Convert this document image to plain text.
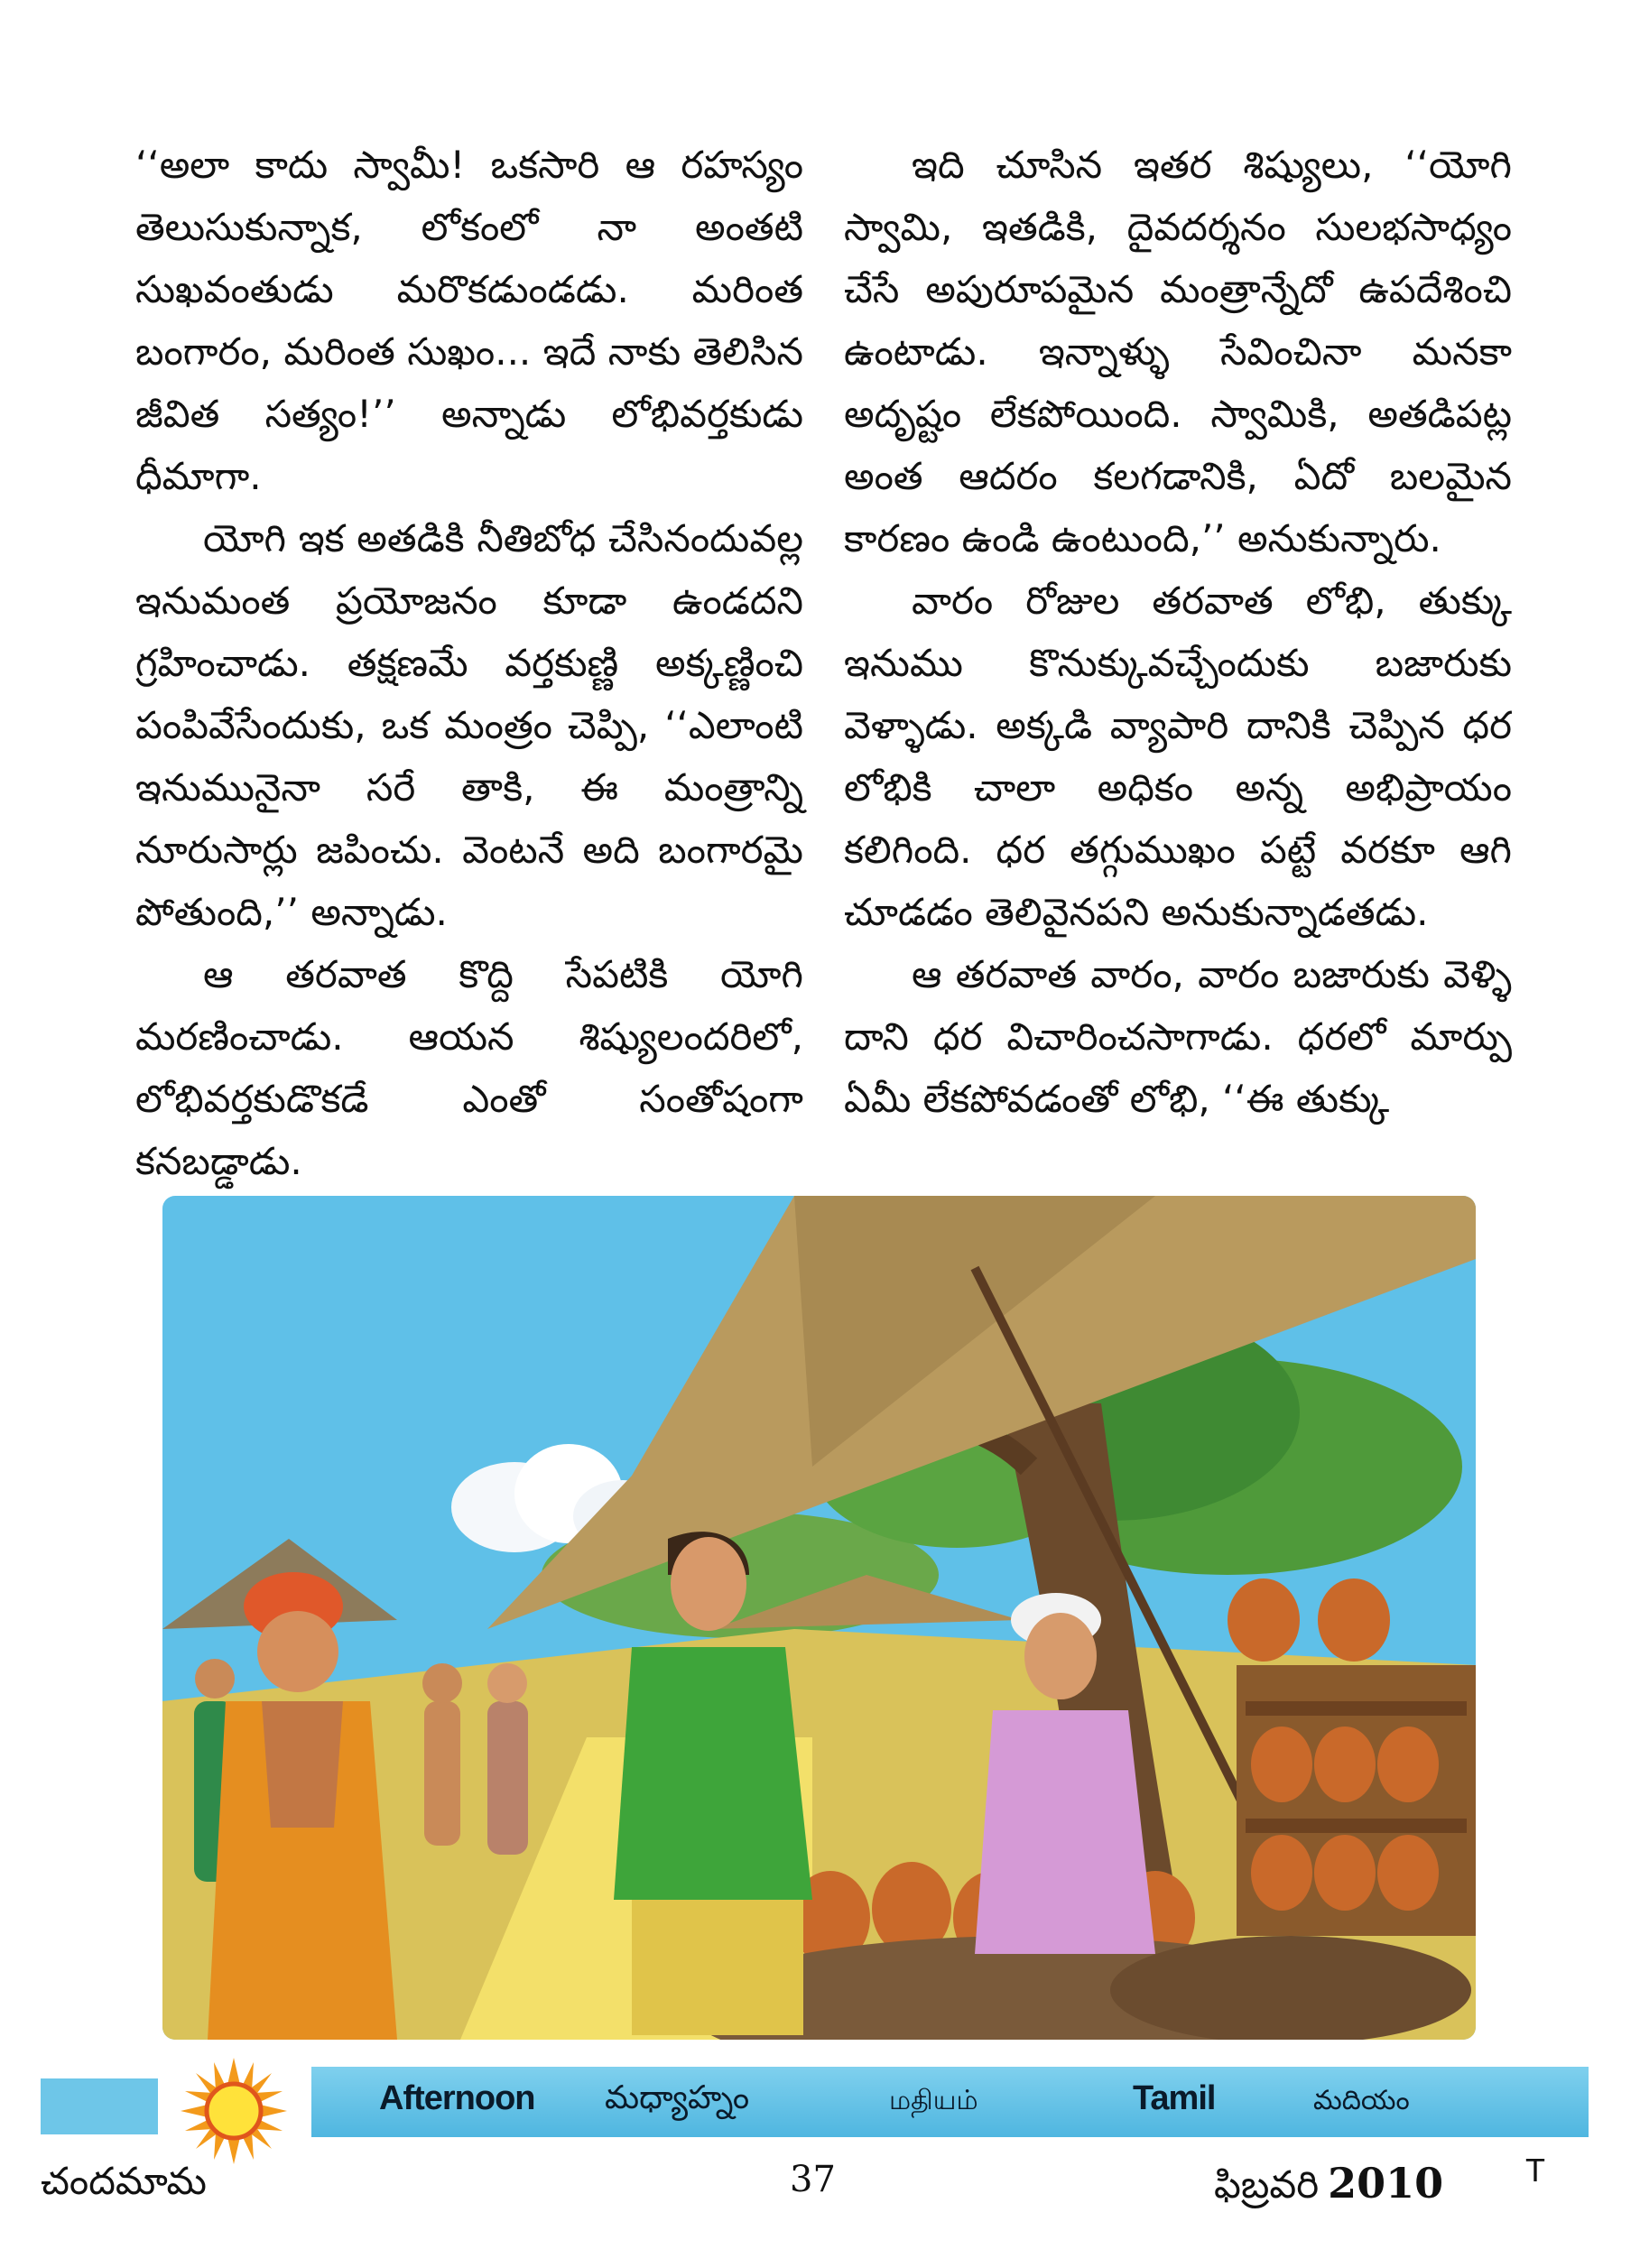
‘‘అలా కాదు స్వామీ! ఒకసారి ఆ రహస్యం తెలుసుకున్నాక, లోకంలో నా అంతటి సుఖవంతుడు మరొకడుండడు. మరింత బంగారం, మరింత సుఖం... ఇదే నాకు తెలిసిన జీవిత సత్యం!’’ అన్నాడు లోభివర్తకుడు ధీమాగా.

యోగి ఇక అతడికి నీతిబోధ చేసినందువల్ల ఇనుమంత ప్రయోజనం కూడా ఉండదని గ్రహించాడు. తక్షణమే వర్తకుణ్ణి అక్కణ్ణించి పంపివేసేందుకు, ఒక మంత్రం చెప్పి, ‘‘ఎలాంటి ఇనుమునైనా సరే తాకి, ఈ మంత్రాన్ని నూరుసార్లు జపించు. వెంటనే అది బంగారమై పోతుంది,’’ అన్నాడు.

ఆ తరవాత కొద్ది సేపటికి యోగి మరణించాడు. ఆయన శిష్యులందరిలో, లోభివర్తకుడొకడే ఎంతో సంతోషంగా కనబడ్డాడు.

ఇది చూసిన ఇతర శిష్యులు, ‘‘యోగి స్వామి, ఇతడికి, దైవదర్శనం సులభసాధ్యం చేసే అపురూపమైన మంత్రాన్నేదో ఉపదేశించి ఉంటాడు. ఇన్నాళ్ళు సేవించినా మనకా అదృష్టం లేకపోయింది. స్వామికి, అతడిపట్ల అంత ఆదరం కలగడానికి, ఏదో బలమైన కారణం ఉండి ఉంటుంది,’’ అనుకున్నారు.

వారం రోజుల తరవాత లోభి, తుక్కు ఇనుము కొనుక్కువచ్చేందుకు బజారుకు వెళ్ళాడు. అక్కడి వ్యాపారి దానికి చెప్పిన ధర లోభికి చాలా అధికం అన్న అభిప్రాయం కలిగింది. ధర తగ్గుముఖం పట్టే వరకూ ఆగి చూడడం తెలివైనపని అనుకున్నాడతడు.

ఆ తరవాత వారం, వారం బజారుకు వెళ్ళి దాని ధర విచారించసాగాడు. ధరలో మార్పు ఏమీ లేకపోవడంతో లోభి, ‘‘ఈ తుక్కు

Afternoon మధ్యాహ్నం	மதியம்	Tamil	మదియం
చందమామ	37	ఫిబ్రవరి 2010	T
